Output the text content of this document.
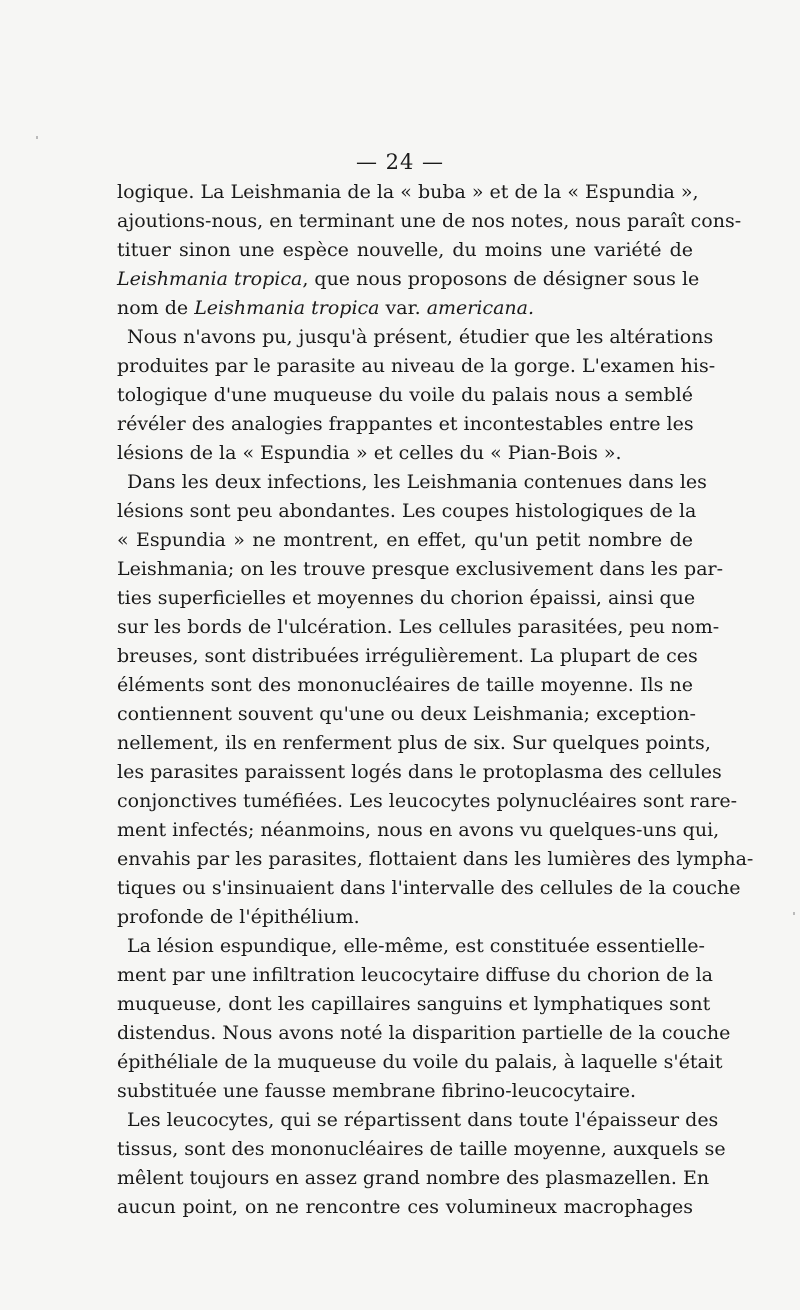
— 24 —
logique. La Leishmania de la « buba » et de la « Espundia »,
ajoutions-nous, en terminant une de nos notes, nous paraît cons-
tituer sinon une espèce nouvelle, du moins une variété de
Leishmania tropica, que nous proposons de désigner sous le
nom de Leishmania tropica var. americana.
Nous n'avons pu, jusqu'à présent, étudier que les altérations
produites par le parasite au niveau de la gorge. L'examen his-
tologique d'une muqueuse du voile du palais nous a semblé
révéler des analogies frappantes et incontestables entre les
lésions de la « Espundia » et celles du « Pian-Bois ».
Dans les deux infections, les Leishmania contenues dans les
lésions sont peu abondantes. Les coupes histologiques de la
« Espundia » ne montrent, en effet, qu'un petit nombre de
Leishmania; on les trouve presque exclusivement dans les par-
ties superficielles et moyennes du chorion épaissi, ainsi que
sur les bords de l'ulcération. Les cellules parasitées, peu nom-
breuses, sont distribuées irrégulièrement. La plupart de ces
éléments sont des mononucléaires de taille moyenne. Ils ne
contiennent souvent qu'une ou deux Leishmania; exception-
nellement, ils en renferment plus de six. Sur quelques points,
les parasites paraissent logés dans le protoplasma des cellules
conjonctives tuméfiées. Les leucocytes polynucléaires sont rare-
ment infectés; néanmoins, nous en avons vu quelques-uns qui,
envahis par les parasites, flottaient dans les lumières des lympha-
tiques ou s'insinuaient dans l'intervalle des cellules de la couche
profonde de l'épithélium.
La lésion espundique, elle-même, est constituée essentielle-
ment par une infiltration leucocytaire diffuse du chorion de la
muqueuse, dont les capillaires sanguins et lymphatiques sont
distendus. Nous avons noté la disparition partielle de la couche
épithéliale de la muqueuse du voile du palais, à laquelle s'était
substituée une fausse membrane fibrino-leucocytaire.
Les leucocytes, qui se répartissent dans toute l'épaisseur des
tissus, sont des mononucléaires de taille moyenne, auxquels se
mêlent toujours en assez grand nombre des plasmazellen. En
aucun point, on ne rencontre ces volumineux macrophages
